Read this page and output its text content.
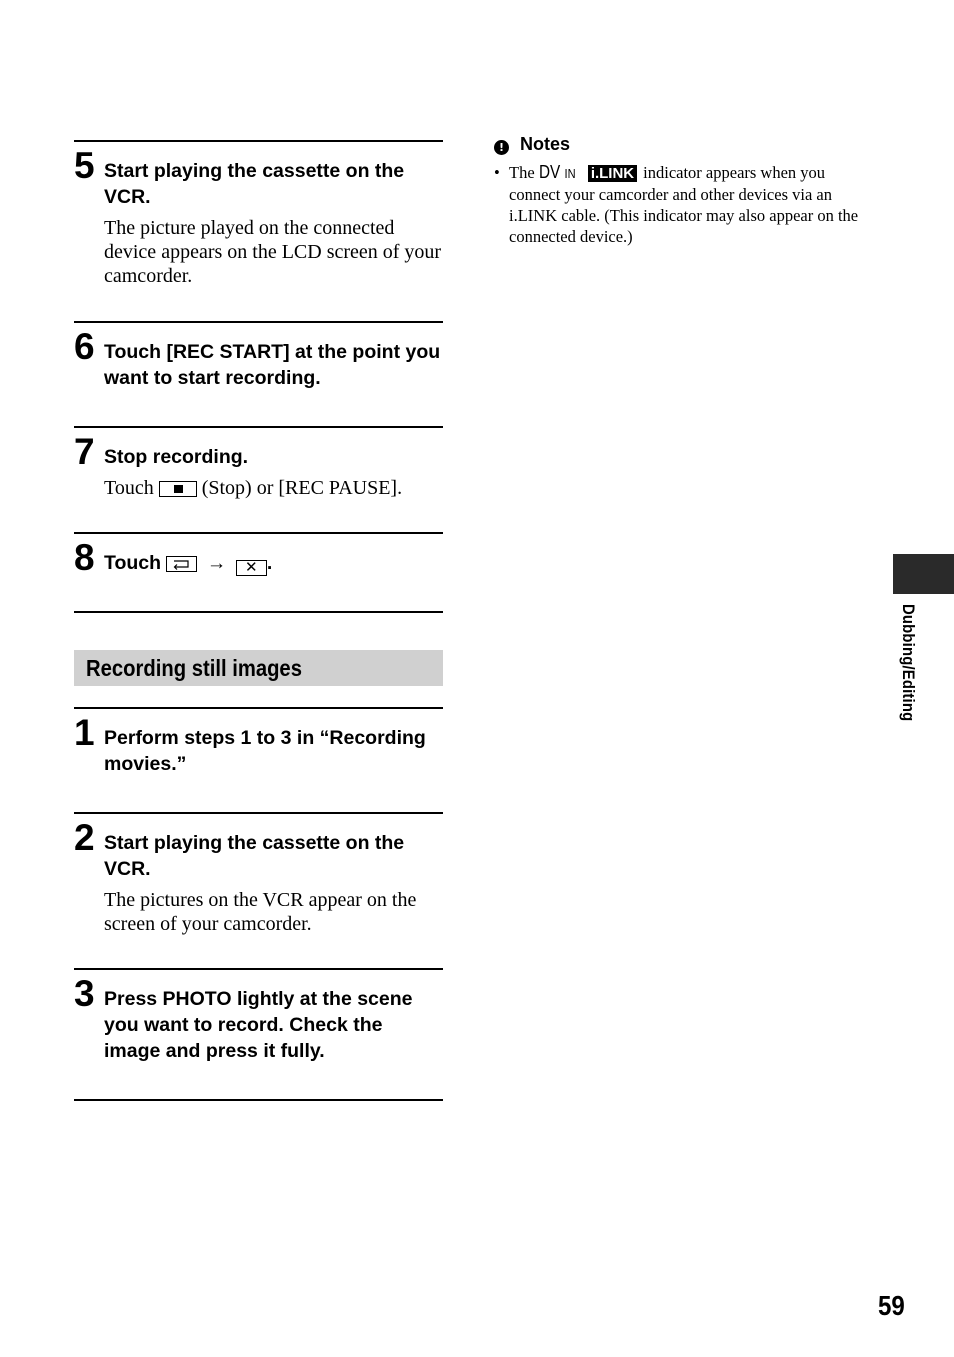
5 Start playing the cassette on the VCR.
The picture played on the connected device appears on the LCD screen of your camcorder.
6 Touch [REC START] at the point you want to start recording.
7 Stop recording.
Touch (Stop) or [REC PAUSE].
8 Touch → ✕ .
Recording still images
1 Perform steps 1 to 3 in “Recording movies.”
2 Start playing the cassette on the VCR.
The pictures on the VCR appear on the screen of your camcorder.
3 Press PHOTO lightly at the scene you want to record. Check the image and press it fully.
! Notes
• The DV IN i.LINK indicator appears when you connect your camcorder and other devices via an i.LINK cable. (This indicator may also appear on the connected device.)
Dubbing/Editing
59
